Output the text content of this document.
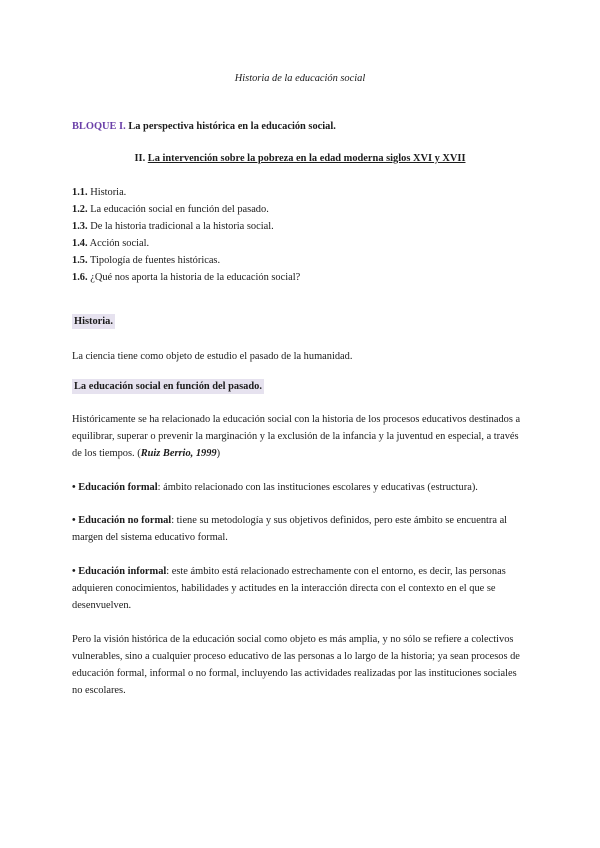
Historia de la educación social
BLOQUE I. La perspectiva histórica en la educación social.
II. La intervención sobre la pobreza en la edad moderna siglos XVI y XVII
1.1. Historia.
1.2. La educación social en función del pasado.
1.3. De la historia tradicional a la historia social.
1.4. Acción social.
1.5. Tipología de fuentes históricas.
1.6. ¿Qué nos aporta la historia de la educación social?
Historia.
La ciencia tiene como objeto de estudio el pasado de la humanidad.
La educación social en función del pasado.
Históricamente se ha relacionado la educación social con la historia de los procesos educativos destinados a equilibrar, superar o prevenir la marginación y la exclusión de la infancia y la juventud en especial, a través de los tiempos. (Ruiz Berrio, 1999)
• Educación formal: ámbito relacionado con las instituciones escolares y educativas (estructura).
• Educación no formal: tiene su metodología y sus objetivos definidos, pero este ámbito se encuentra al margen del sistema educativo formal.
• Educación informal: este ámbito está relacionado estrechamente con el entorno, es decir, las personas adquieren conocimientos, habilidades y actitudes en la interacción directa con el contexto en el que se desenvuelven.
Pero la visión histórica de la educación social como objeto es más amplia, y no sólo se refiere a colectivos vulnerables, sino a cualquier proceso educativo de las personas a lo largo de la historia; ya sean procesos de educación formal, informal o no formal, incluyendo las actividades realizadas por las instituciones sociales no escolares.
